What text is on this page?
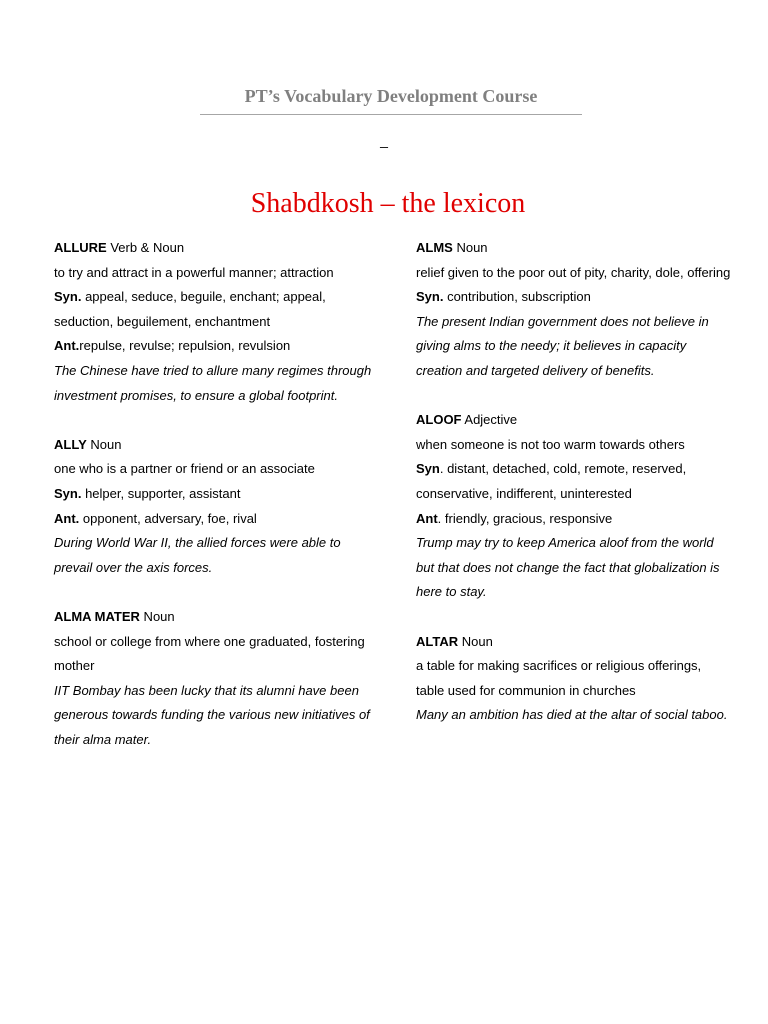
PT’s Vocabulary Development Course
_
Shabdkosh – the lexicon

ALLURE Verb & Noun

to try and attract in a powerful manner; attraction

Syn. appeal, seduce, beguile, enchant; appeal, seduction, beguilement, enchantment

Ant.repulse, revulse; repulsion, revulsion

The Chinese have tried to allure many regimes through investment promises, to ensure a global footprint.

ALLY Noun

one who is a partner or friend or an associate

Syn. helper, supporter, assistant

Ant. opponent, adversary, foe, rival

During World War II, the allied forces were able to prevail over the axis forces.

ALMA MATER Noun

school or college from where one graduated, fostering mother

IIT Bombay has been lucky that its alumni have been generous towards funding the various new initiatives of their alma mater.

ALMS Noun

relief given to the poor out of pity, charity, dole, offering

Syn. contribution, subscription

The present Indian government does not believe in giving alms to the needy; it believes in capacity creation and targeted delivery of benefits.

ALOOF Adjective

when someone is not too warm towards others

Syn. distant, detached, cold, remote, reserved, conservative, indifferent, uninterested

Ant. friendly, gracious, responsive

Trump may try to keep America aloof from the world but that does not change the fact that globalization is here to stay.

ALTAR Noun

a table for making sacrifices or religious offerings, table used for communion in churches

Many an ambition has died at the altar of social taboo.
